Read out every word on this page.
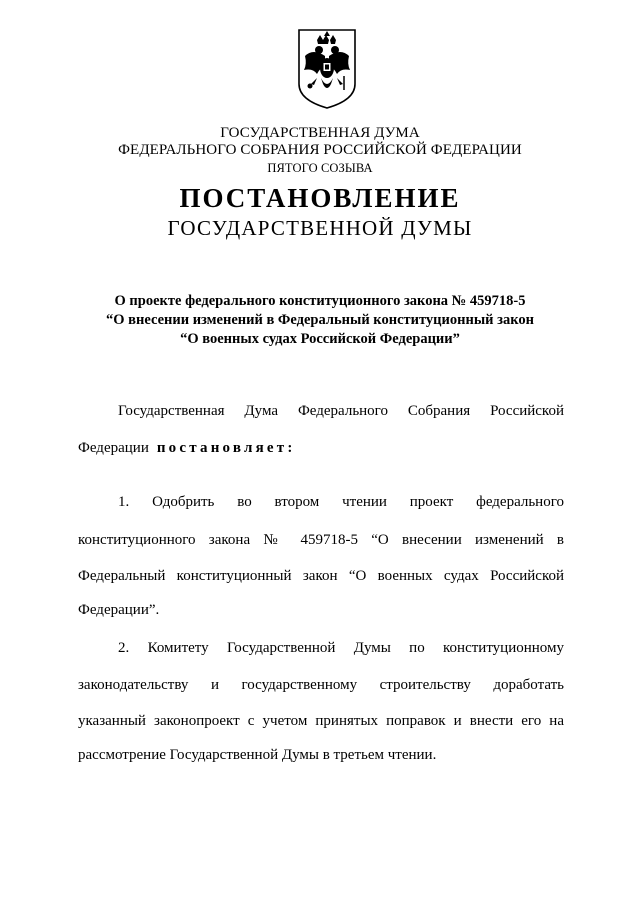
ГОСУДАРСТВЕННАЯ ДУМА
ФЕДЕРАЛЬНОГО СОБРАНИЯ РОССИЙСКОЙ ФЕДЕРАЦИИ
ПЯТОГО СОЗЫВА
ПОСТАНОВЛЕНИЕ
ГОСУДАРСТВЕННОЙ ДУМЫ
О проекте федерального конституционного закона № 459718-5
“О внесении изменений в Федеральный конституционный закон
“О военных судах Российской Федерации”
Государственная Дума Федерального Собрания Российской
Федерации постановляет:
1. Одобрить во втором чтении проект федерального
конституционного закона № 459718-5 “О внесении изменений в
Федеральный конституционный закон “О военных судах Российской
Федерации”.
2. Комитету Государственной Думы по конституционному
законодательству и государственному строительству доработать
указанный законопроект с учетом принятых поправок и внести его на
рассмотрение Государственной Думы в третьем чтении.
